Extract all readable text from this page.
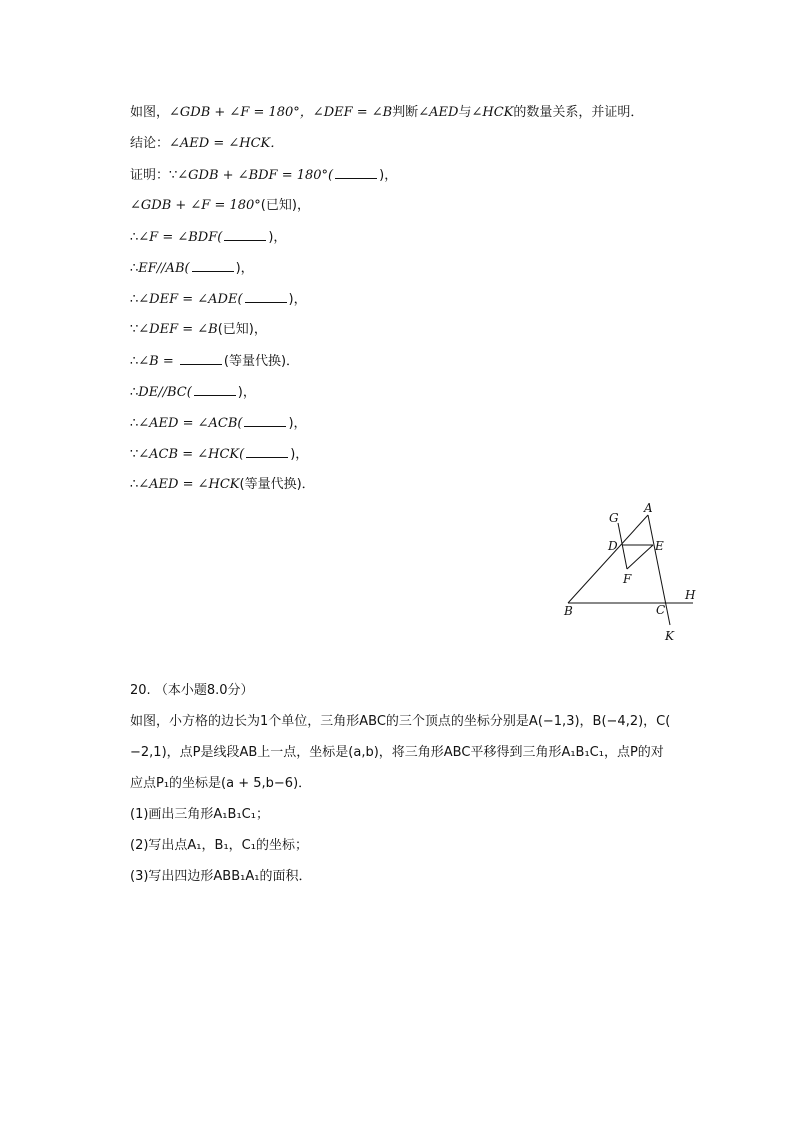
如图，∠GDB + ∠F = 180°，∠DEF = ∠B判断∠AED与∠HCK的数量关系，并证明．
结论：∠AED = ∠HCK．
证明：∵∠GDB + ∠BDF = 180°(	)，
∠GDB + ∠F = 180°(已知)，
∴∠F = ∠BDF(	)，
∴EF//AB(	)，
∴∠DEF = ∠ADE(	)，
∵∠DEF = ∠B(已知)，
∴∠B =	(等量代换)．
∴DE//BC(	)，
∴∠AED = ∠ACB(	)，
∵∠ACB = ∠HCK(	)，
∴∠AED = ∠HCK(等量代换)．
G
A
D	E
F
B	C
H
K
20. （本小题8.0分）
如图，小方格的边长为1个单位，三角形ABC的三个顶点的坐标分别是A(−1,3)，B(−4,2)，C(
−2,1)，点P是线段AB上一点，坐标是(a,b)，将三角形ABC平移得到三角形A₁B₁C₁，点P的对
应点P₁的坐标是(a + 5,b−6)．
(1)画出三角形A₁B₁C₁；
(2)写出点A₁，B₁，C₁的坐标；
(3)写出四边形ABB₁A₁的面积．
